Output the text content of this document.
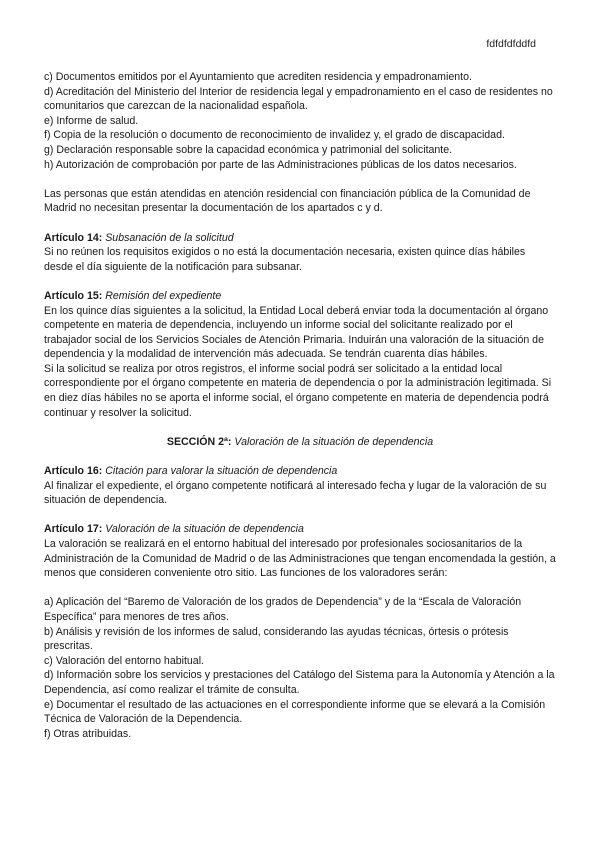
fdfdfdfddfd

c) Documentos emitidos por el Ayuntamiento que acrediten residencia y empadronamiento.

d) Acreditación del Ministerio del Interior de residencia legal y empadronamiento en el caso de residentes no comunitarios que carezcan de la nacionalidad española.

e) Informe de salud.

f) Copia de la resolución o documento de reconocimiento de invalidez y, el grado de discapacidad.

g) Declaración responsable sobre la capacidad económica y patrimonial del solicitante.

h) Autorización de comprobación por parte de las Administraciones públicas de los datos necesarios.

Las personas que están atendidas en atención residencial con financiación pública de la Comunidad de Madrid no necesitan presentar la documentación de los apartados c y d.

Artículo 14: Subsanación de la solicitud

Si no reúnen los requisitos exigidos o no está la documentación necesaria, existen quince días hábiles desde el día siguiente de la notificación para subsanar.

Artículo 15: Remisión del expediente

En los quince días siguientes a la solicitud, la Entidad Local deberá enviar toda la documentación al órgano competente en materia de dependencia, incluyendo un informe social del solicitante realizado por el trabajador social de los Servicios Sociales de Atención Primaria. Induirán una valoración de la situación de dependencia y la modalidad de intervención más adecuada. Se tendrán cuarenta días hábiles.

Si la solicitud se realiza por otros registros, el informe social podrá ser solicitado a la entidad local correspondiente por el órgano competente en materia de dependencia o por la administración legitimada. Si en diez días hábiles no se aporta el informe social, el órgano competente en materia de dependencia podrá continuar y resolver la solicitud.

SECCIÓN 2ª: Valoración de la situación de dependencia

Artículo 16: Citación para valorar la situación de dependencia

Al finalizar el expediente, el órgano competente notificará al interesado fecha y lugar de la valoración de su situación de dependencia.

Artículo 17: Valoración de la situación de dependencia

La valoración se realizará en el entorno habitual del interesado por profesionales sociosanitarios de la Administración de la Comunidad de Madrid o de las Administraciones que tengan encomendada la gestión, a menos que consideren conveniente otro sitio. Las funciones de los valoradores serán:

a) Aplicación del “Baremo de Valoración de los grados de Dependencia” y de la “Escala de Valoración Específica” para menores de tres años.

b) Análisis y revisión de los informes de salud, considerando las ayudas técnicas, órtesis o prótesis prescritas.

c) Valoración del entorno habitual.

d) Información sobre los servicios y prestaciones del Catálogo del Sistema para la Autonomía y Atención a la Dependencia, así como realizar el trámite de consulta.

e) Documentar el resultado de las actuaciones en el correspondiente informe que se elevará a la Comisión Técnica de Valoración de la Dependencia.

f) Otras atribuidas.
